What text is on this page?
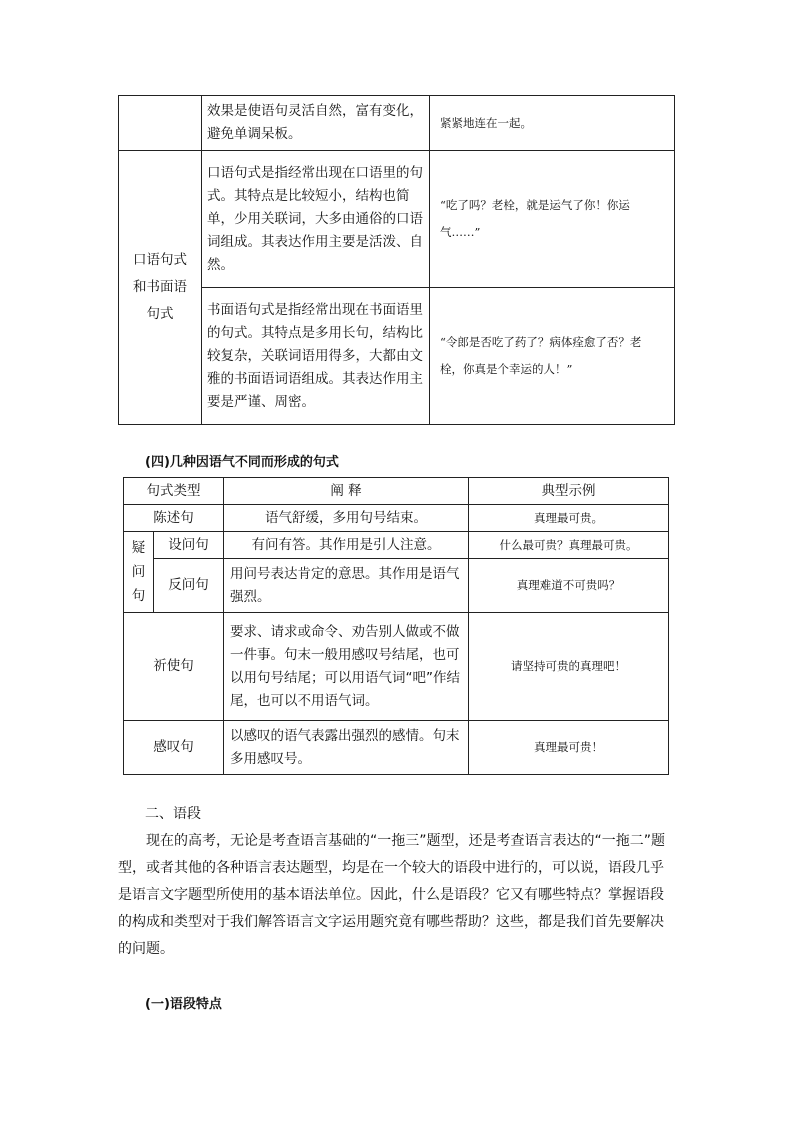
	效果是使语句灵活自然，富有变化，避免单调呆板。	紧紧地连在一起。

口语句式和书面语句式	口语句式是指经常出现在口语里的句式。其特点是比较短小，结构也简单，少用关联词，大多由通俗的口语词组成。其表达作用主要是活泼、自然。	“吃了吗？老栓，就是运气了你！你运气……”
	书面语句式是指经常出现在书面语里的句式。其特点是多用长句，结构比较复杂，关联词语用得多，大都由文雅的书面语词语组成。其表达作用主要是严谨、周密。	“令郎是否吃了药了？病体痊愈了否？老栓，你真是个幸运的人！”
(四)几种因语气不同而形成的句式
句式类型		阐 释	典型示例
陈述句		语气舒缓，多用句号结束。	真理最可贵。

疑问句	设问句	有问有答。其作用是引人注意。	什么最可贵？真理最可贵。
	反问句	用问号表达肯定的意思。其作用是语气强烈。	真理难道不可贵吗？
祈使句		要求、请求或命令、劝告别人做或不做一件事。句末一般用感叹号结尾，也可以用句号结尾；可以用语气词“吧”作结尾，也可以不用语气词。	请坚持可贵的真理吧！
感叹句		以感叹的语气表露出强烈的感情。句末多用感叹号。	真理最可贵！
二、语段

现在的高考，无论是考查语言基础的“一拖三”题型，还是考查语言表达的“一拖二”题型，或者其他的各种语言表达题型，均是在一个较大的语段中进行的，可以说，语段几乎是语言文字题型所使用的基本语法单位。因此，什么是语段？它又有哪些特点？掌握语段的构成和类型对于我们解答语言文字运用题究竟有哪些帮助？这些，都是我们首先要解决的问题。

(一)语段特点
